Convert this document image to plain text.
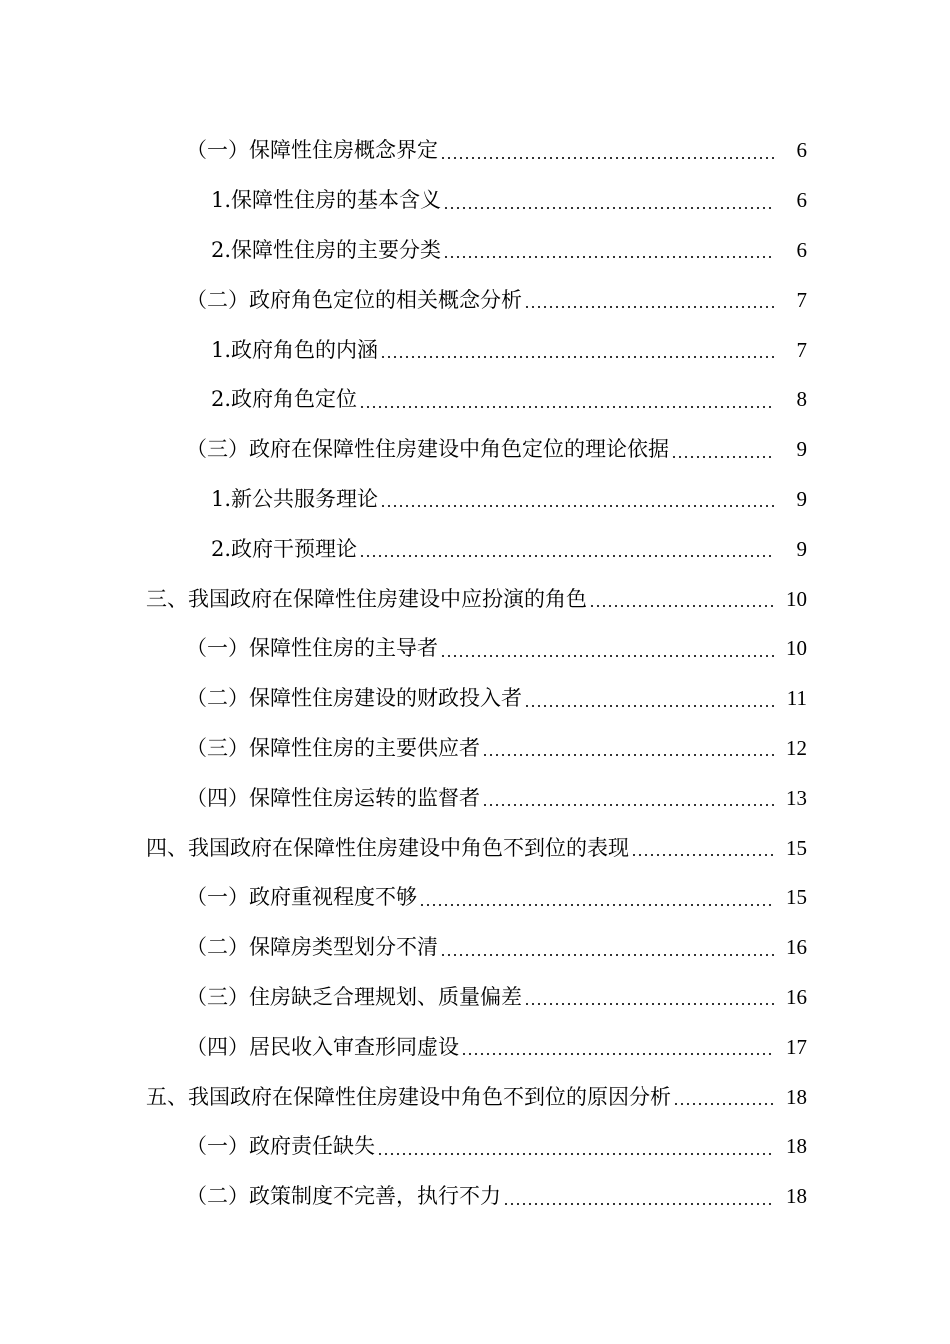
（一）保障性住房概念界定	6
1.保障性住房的基本含义	6
2.保障性住房的主要分类	6
（二）政府角色定位的相关概念分析	7
1.政府角色的内涵	7
2.政府角色定位	8
（三）政府在保障性住房建设中角色定位的理论依据	9
1.新公共服务理论	9
2.政府干预理论	9
三、我国政府在保障性住房建设中应扮演的角色	10
（一）保障性住房的主导者	10
（二）保障性住房建设的财政投入者	11
（三）保障性住房的主要供应者	12
（四）保障性住房运转的监督者	13
四、我国政府在保障性住房建设中角色不到位的表现	15
（一）政府重视程度不够	15
（二）保障房类型划分不清	16
（三）住房缺乏合理规划、质量偏差	16
（四）居民收入审查形同虚设	17
五、我国政府在保障性住房建设中角色不到位的原因分析	18
（一）政府责任缺失	18
（二）政策制度不完善，执行不力	18
